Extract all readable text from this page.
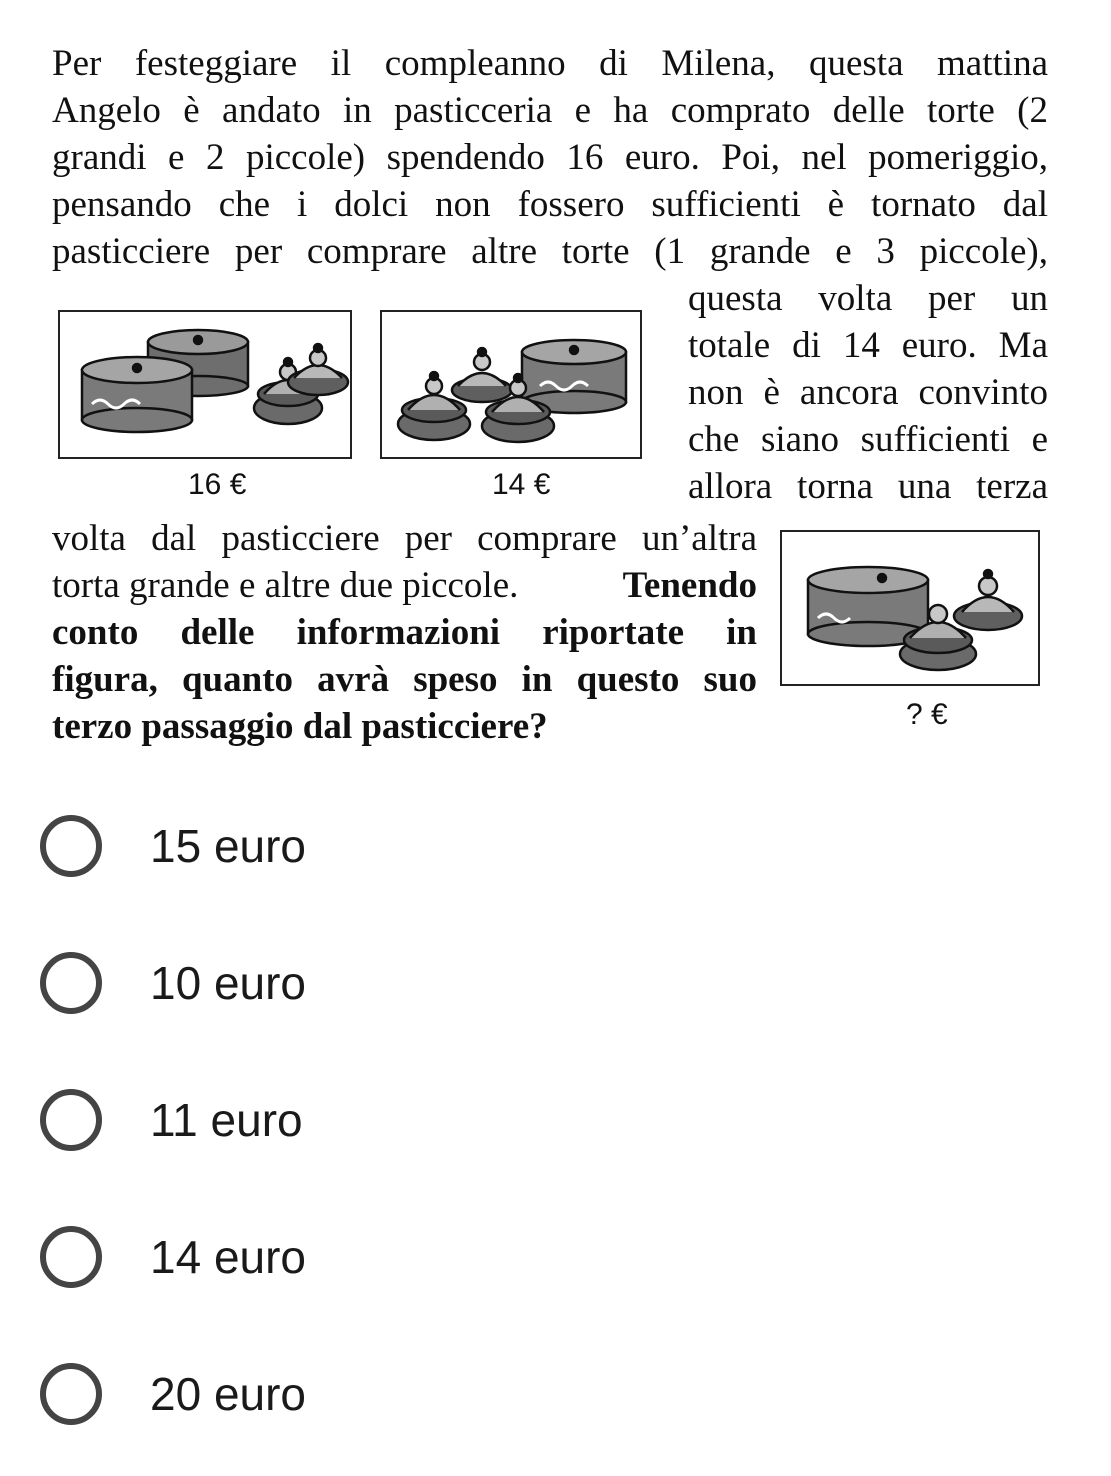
Per festeggiare il compleanno di Milena, questa mattina
Angelo è andato in pasticceria e ha comprato delle torte (2
grandi e 2 piccole) spendendo 16 euro. Poi, nel pomeriggio,
pensando che i dolci non fossero sufficienti è tornato dal
pasticciere per comprare altre torte (1 grande e 3 piccole),
questa volta per un
totale di 14 euro. Ma
non è ancora convinto
che siano sufficienti e
allora torna una terza
16 €	14 €
volta dal pasticciere per comprare un’altra
torta grande e altre due piccole.	Tenendo
conto delle informazioni riportate in
figura, quanto avrà speso in questo suo
terzo passaggio dal pasticciere?	? €
15 euro
10 euro
11 euro
14 euro
20 euro
